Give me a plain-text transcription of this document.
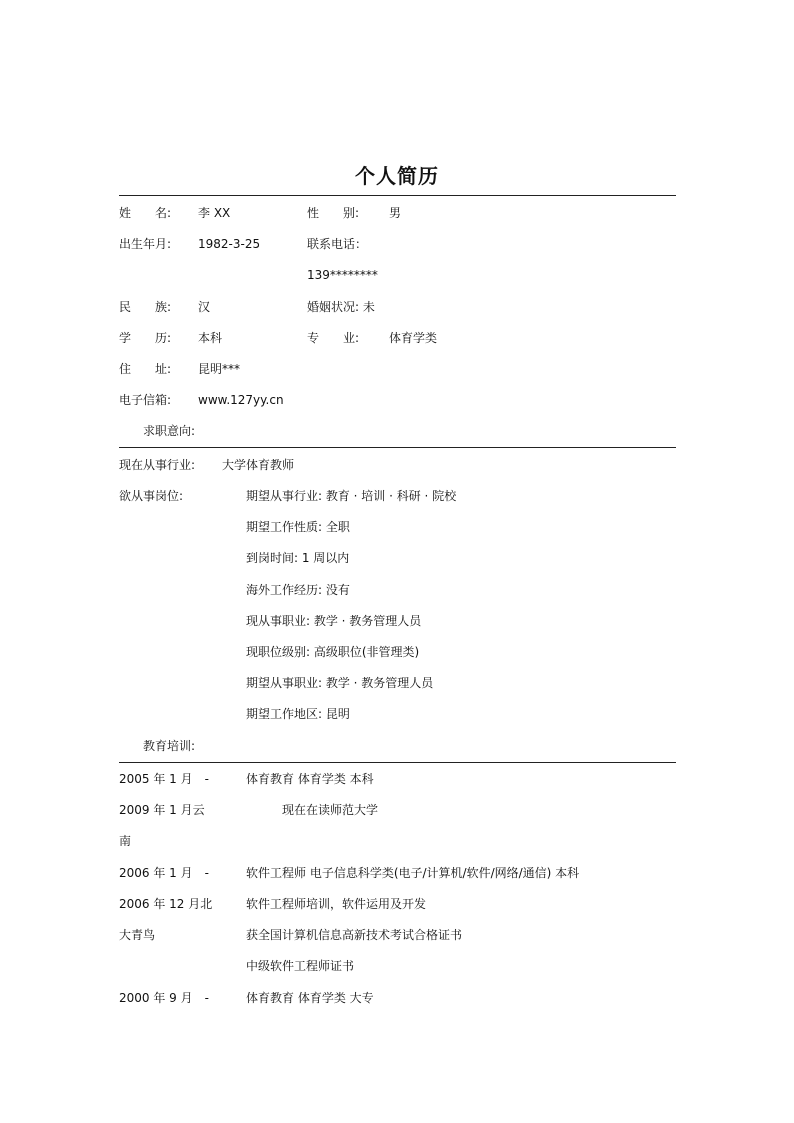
个人简历
姓　　名: 李 XX	性　　别: 男
出生年月: 1982-3-25	联系电话：
139********
民　　族: 汉	婚姻状况: 未
学　　历: 本科	专　　业: 体育学类
住　　址: 昆明***
电子信箱: www.127yy.cn
求职意向:
现在从事行业: 大学体育教师
欲从事岗位:	期望从事行业: 教育 · 培训 · 科研 · 院校
期望工作性质: 全职
到岗时间: 1 周以内
海外工作经历: 没有
现从事职业: 教学 · 教务管理人员
现职位级别: 高级职位(非管理类)
期望从事职业: 教学 · 教务管理人员
期望工作地区: 昆明
教育培训:
2005 年 1 月　-	体育教育 体育学类 本科
2009 年 1 月云	现在在读师范大学
南
2006 年 1 月　-	软件工程师 电子信息科学类(电子/计算机/软件/网络/通信) 本科
2006 年 12 月北	软件工程师培训，软件运用及开发
大青鸟	获全国计算机信息高新技术考试合格证书
中级软件工程师证书
2000 年 9 月　-	体育教育 体育学类 大专
